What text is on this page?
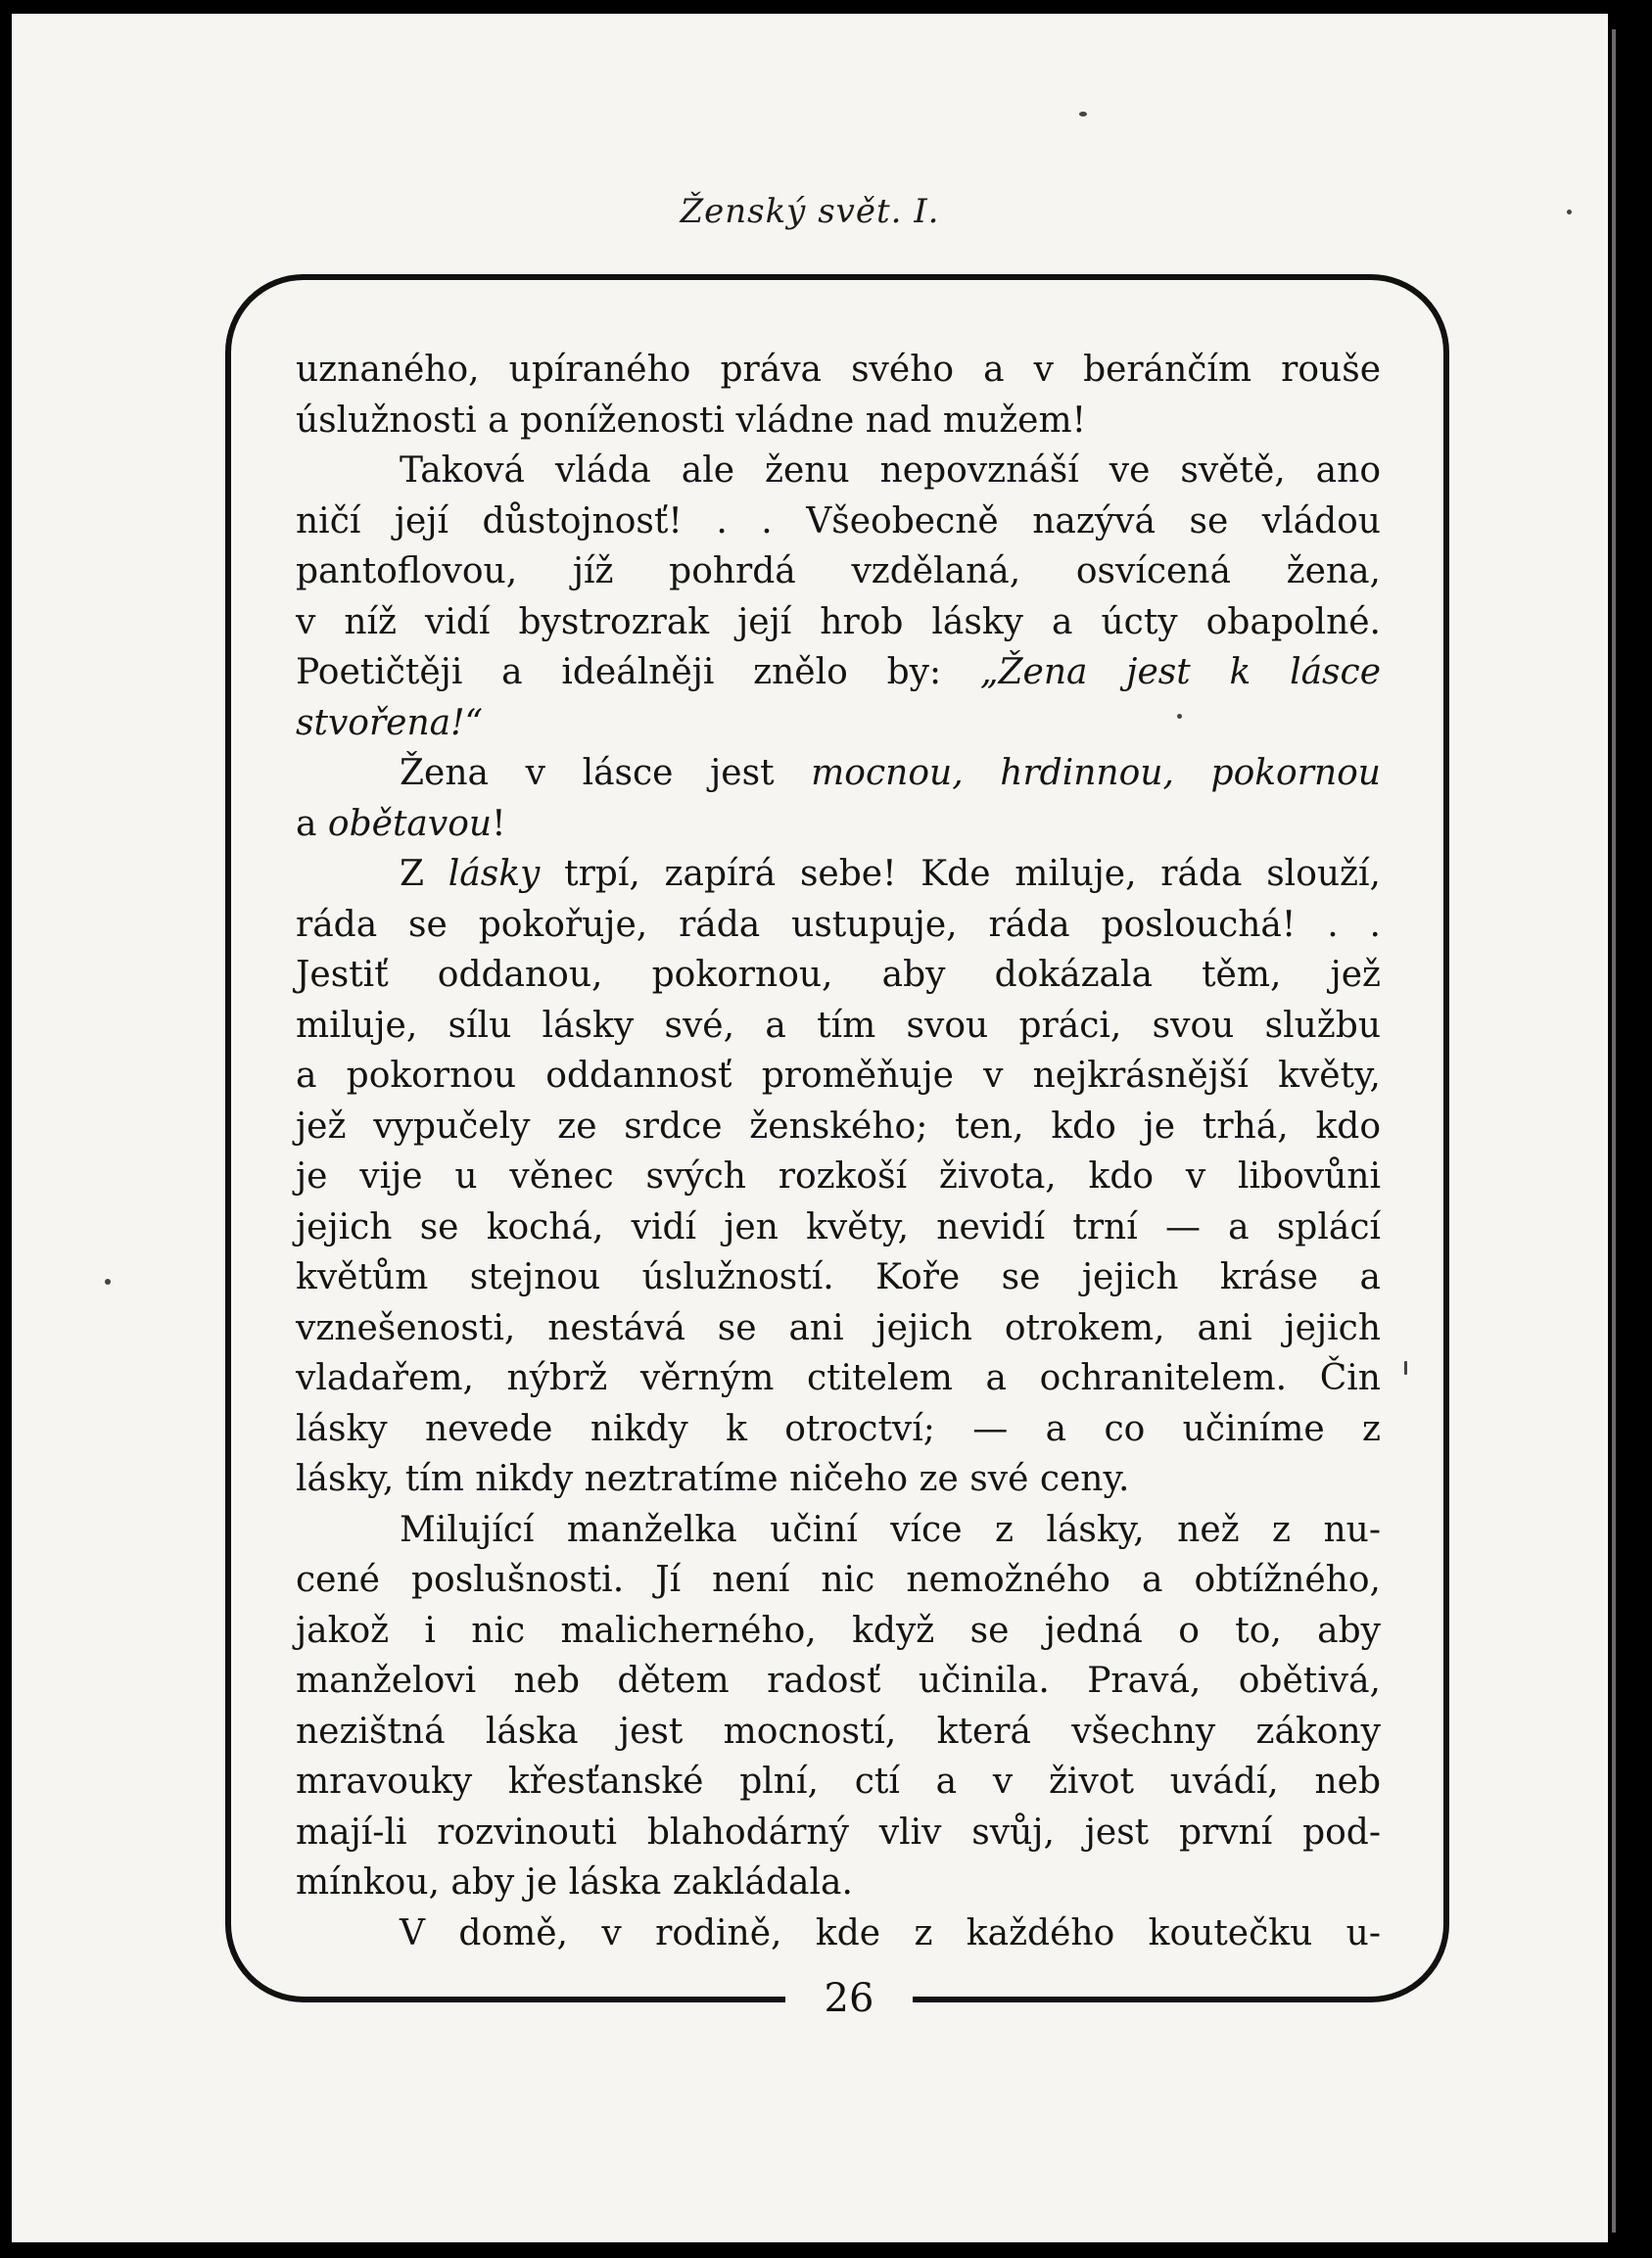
Ženský svět. I.
uznaného, upíraného práva svého a v beránčím rouše
úslužnosti a poníženosti vládne nad mužem!
Taková vláda ale ženu nepovznáší ve světě, ano
ničí její důstojnosť! . . Všeobecně nazývá se vládou
pantoflovou, jíž pohrdá vzdělaná, osvícená žena,
v níž vidí bystrozrak její hrob lásky a úcty obapolné.
Poetičtěji a ideálněji znělo by: „Žena jest k lásce
stvořena!“
Žena v lásce jest mocnou, hrdinnou, pokornou
a obětavou!
Z lásky trpí, zapírá sebe! Kde miluje, ráda slouží,
ráda se pokořuje, ráda ustupuje, ráda poslouchá! . .
Jestiť oddanou, pokornou, aby dokázala těm, jež
miluje, sílu lásky své, a tím svou práci, svou službu
a pokornou oddannosť proměňuje v nejkrásnější květy,
jež vypučely ze srdce ženského; ten, kdo je trhá, kdo
je vije u věnec svých rozkoší života, kdo v libovůni
jejich se kochá, vidí jen květy, nevidí trní — a splácí
květům stejnou úslužností. Koře se jejich kráse a
vznešenosti, nestává se ani jejich otrokem, ani jejich
vladařem, nýbrž věrným ctitelem a ochranitelem. Čin
lásky nevede nikdy k otroctví; — a co učiníme z
lásky, tím nikdy neztratíme ničeho ze své ceny.
Milující manželka učiní více z lásky, než z nu-
cené poslušnosti. Jí není nic nemožného a obtížného,
jakož i nic malicherného, když se jedná o to, aby
manželovi neb dětem radosť učinila. Pravá, obětivá,
nezištná láska jest mocností, která všechny zákony
mravouky křesťanské plní, ctí a v život uvádí, neb
mají-li rozvinouti blahodárný vliv svůj, jest první pod-
mínkou, aby je láska zakládala.
V domě, v rodině, kde z každého koutečku u-
26
